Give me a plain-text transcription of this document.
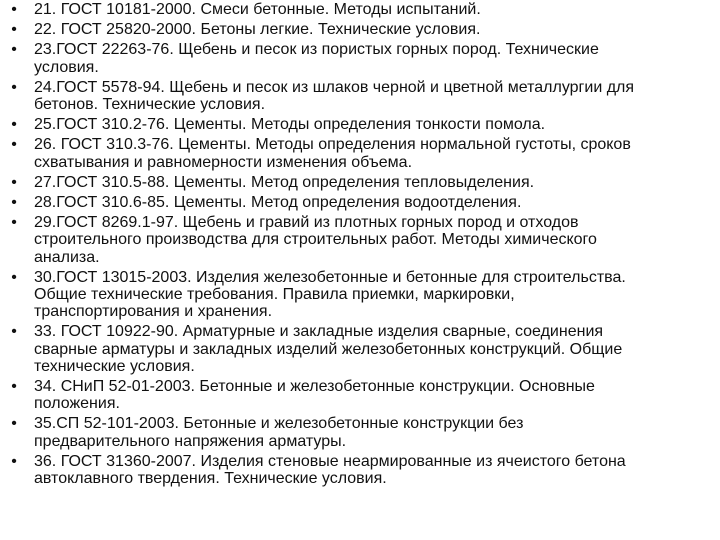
• 21. ГОСТ 10181-2000. Смеси бетонные. Методы испытаний.
• 22. ГОСТ 25820-2000. Бетоны легкие. Технические условия.
• 23.ГОСТ 22263-76. Щебень и песок из пористых горных пород. Технические
условия.
• 24.ГОСТ 5578-94. Щебень и песок из шлаков черной и цветной металлургии для
бетонов. Технические условия.
• 25.ГОСТ 310.2-76. Цементы. Методы определения тонкости помола.
• 26. ГОСТ 310.3-76. Цементы. Методы определения нормальной густоты, сроков
схватывания и равномерности изменения объема.
• 27.ГОСТ 310.5-88. Цементы. Метод определения тепловыделения.
• 28.ГОСТ 310.6-85. Цементы. Метод определения водоотделения.
• 29.ГОСТ 8269.1-97. Щебень и гравий из плотных горных пород и отходов
строительного производства для строительных работ. Методы химического
анализа.
• 30.ГОСТ 13015-2003. Изделия железобетонные и бетонные для строительства.
Общие технические требования. Правила приемки, маркировки,
транспортирования и хранения.
• 33. ГОСТ 10922-90. Арматурные и закладные изделия сварные, соединения
сварные арматуры и закладных изделий железобетонных конструкций. Общие
технические условия.
• 34. СНиП 52-01-2003. Бетонные и железобетонные конструкции. Основные
положения.
• 35.СП 52-101-2003. Бетонные и железобетонные конструкции без
предварительного напряжения арматуры.
• 36. ГОСТ 31360-2007. Изделия стеновые неармированные из ячеистого бетона
автоклавного твердения. Технические условия.
